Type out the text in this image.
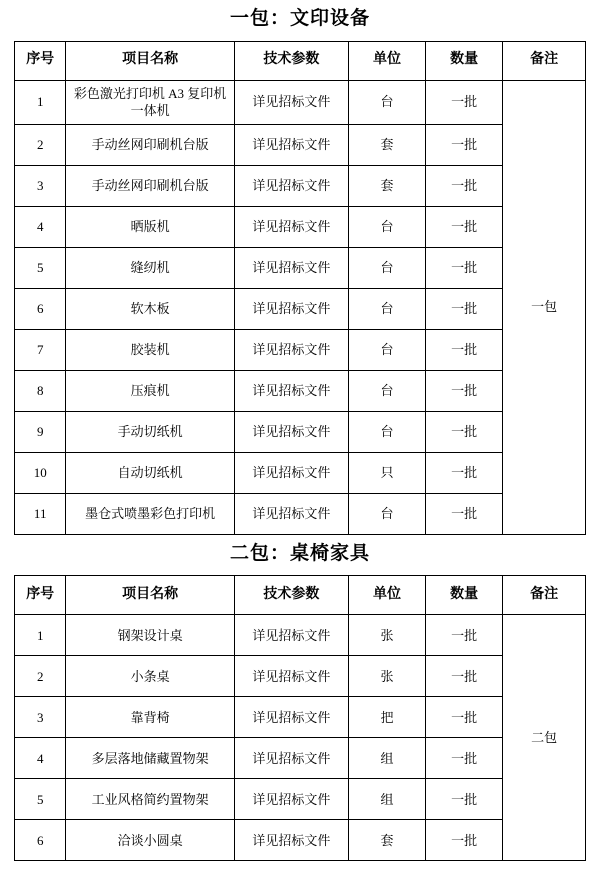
一包：文印设备
序号	项目名称	技术参数	单位	数量	备注
1	彩色激光打印机 A3 复印机一体机	详见招标文件	台	一批	一包
2	手动丝网印刷机台版	详见招标文件	套	一批	
3	手动丝网印刷机台版	详见招标文件	套	一批	
4	晒版机	详见招标文件	台	一批	
5	缝纫机	详见招标文件	台	一批	
6	软木板	详见招标文件	台	一批	
7	胶装机	详见招标文件	台	一批	
8	压痕机	详见招标文件	台	一批	
9	手动切纸机	详见招标文件	台	一批	
10	自动切纸机	详见招标文件	只	一批	
11	墨仓式喷墨彩色打印机	详见招标文件	台	一批	
二包：桌椅家具
序号	项目名称	技术参数	单位	数量	备注
1	钢架设计桌	详见招标文件	张	一批	二包
2	小条桌	详见招标文件	张	一批	
3	靠背椅	详见招标文件	把	一批	
4	多层落地储藏置物架	详见招标文件	组	一批	
5	工业风格简约置物架	详见招标文件	组	一批	
6	洽谈小圆桌	详见招标文件	套	一批	
